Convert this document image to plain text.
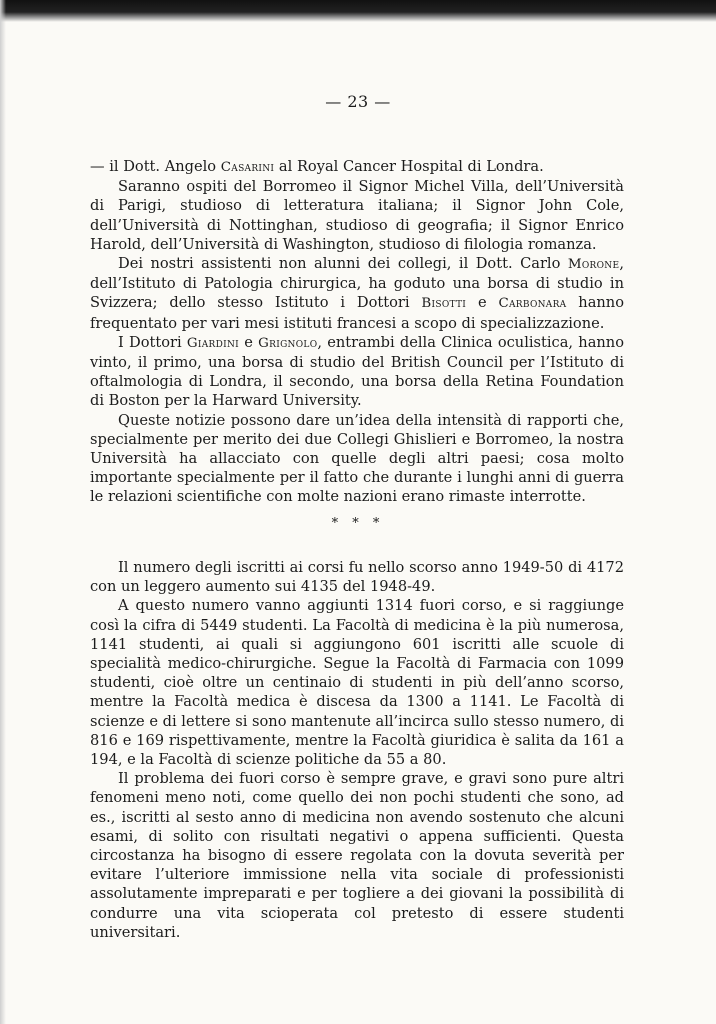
— 23 —

— il Dott. Angelo Casarini al Royal Cancer Hospital di Londra.

Saranno ospiti del Borromeo il Signor Michel Villa, dell’Università di Parigi, studioso di letteratura italiana; il Signor John Cole, dell’Università di Nottinghan, studioso di geografia; il Signor Enrico Harold, dell’Università di Washington, studioso di filologia romanza.

Dei nostri assistenti non alunni dei collegi, il Dott. Carlo Morone, dell’Istituto di Patologia chirurgica, ha goduto una borsa di studio in Svizzera; dello stesso Istituto i Dottori Bisotti e Carbonara hanno frequentato per vari mesi istituti francesi a scopo di specializzazione.

I Dottori Giardini e Grignolo, entrambi della Clinica oculistica, hanno vinto, il primo, una borsa di studio del British Council per l’Istituto di oftalmologia di Londra, il secondo, una borsa della Retina Foundation di Boston per la Harward University.

Queste notizie possono dare un’idea della intensità di rapporti che, specialmente per merito dei due Collegi Ghislieri e Borromeo, la nostra Università ha allacciato con quelle degli altri paesi; cosa molto importante specialmente per il fatto che durante i lunghi anni di guerra le relazioni scientifiche con molte nazioni erano rimaste interrotte.

* * *

Il numero degli iscritti ai corsi fu nello scorso anno 1949-50 di 4172 con un leggero aumento sui 4135 del 1948-49.

A questo numero vanno aggiunti 1314 fuori corso, e si raggiunge così la cifra di 5449 studenti. La Facoltà di medicina è la più numerosa, 1141 studenti, ai quali si aggiungono 601 iscritti alle scuole di specialità medico-chirurgiche. Segue la Facoltà di Farmacia con 1099 studenti, cioè oltre un centinaio di studenti in più dell’anno scorso, mentre la Facoltà medica è discesa da 1300 a 1141. Le Facoltà di scienze e di lettere si sono mantenute all’incirca sullo stesso numero, di 816 e 169 rispettivamente, mentre la Facoltà giuridica è salita da 161 a 194, e la Facoltà di scienze politiche da 55 a 80.

Il problema dei fuori corso è sempre grave, e gravi sono pure altri fenomeni meno noti, come quello dei non pochi studenti che sono, ad es., iscritti al sesto anno di medicina non avendo sostenuto che alcuni esami, di solito con risultati negativi o appena sufficienti. Questa circostanza ha bisogno di essere regolata con la dovuta severità per evitare l’ulteriore immissione nella vita sociale di professionisti assolutamente impreparati e per togliere a dei giovani la possibilità di condurre una vita scioperata col pretesto di essere studenti universitari.
